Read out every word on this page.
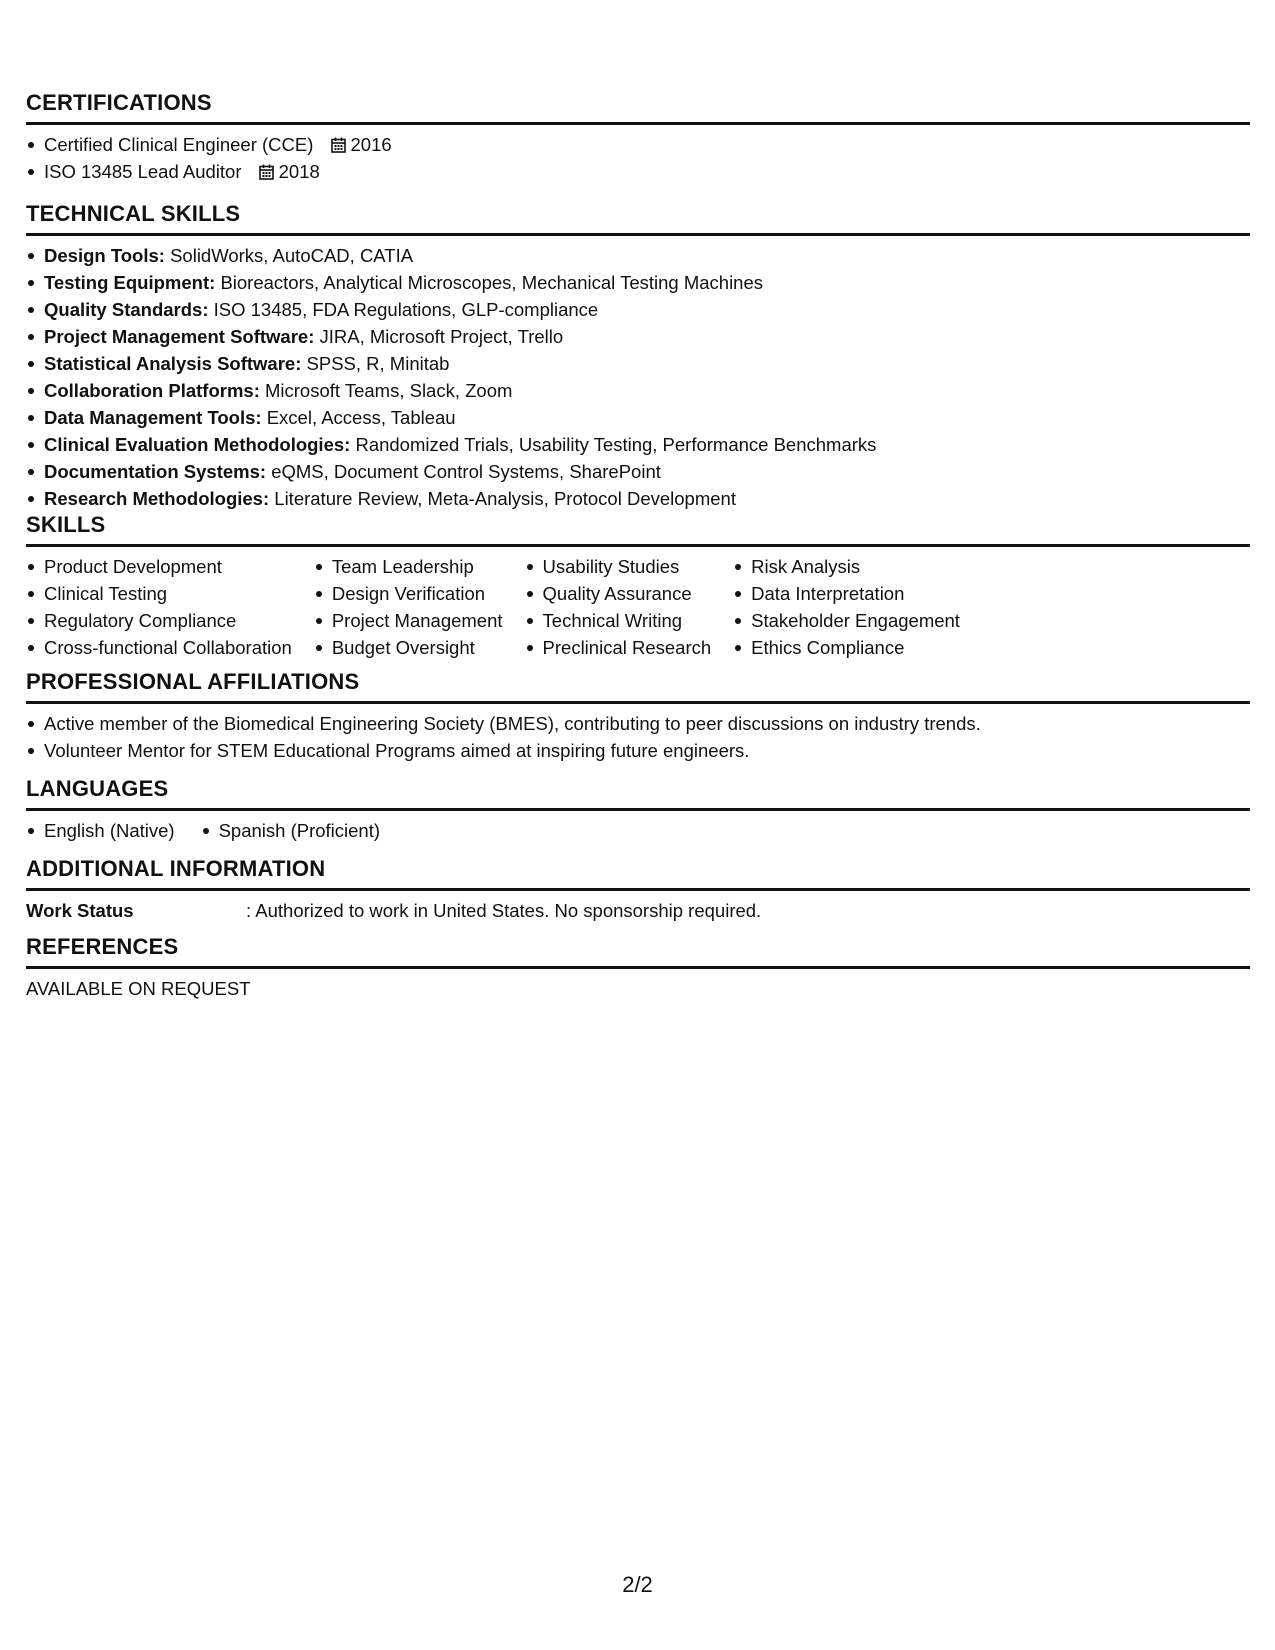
CERTIFICATIONS
Certified Clinical Engineer (CCE) 2016
ISO 13485 Lead Auditor 2018
TECHNICAL SKILLS
Design Tools: SolidWorks, AutoCAD, CATIA
Testing Equipment: Bioreactors, Analytical Microscopes, Mechanical Testing Machines
Quality Standards: ISO 13485, FDA Regulations, GLP-compliance
Project Management Software: JIRA, Microsoft Project, Trello
Statistical Analysis Software: SPSS, R, Minitab
Collaboration Platforms: Microsoft Teams, Slack, Zoom
Data Management Tools: Excel, Access, Tableau
Clinical Evaluation Methodologies: Randomized Trials, Usability Testing, Performance Benchmarks
Documentation Systems: eQMS, Document Control Systems, SharePoint
Research Methodologies: Literature Review, Meta-Analysis, Protocol Development
SKILLS
Product Development
Clinical Testing
Regulatory Compliance
Cross-functional Collaboration
Team Leadership
Design Verification
Project Management
Budget Oversight
Usability Studies
Quality Assurance
Technical Writing
Preclinical Research
Risk Analysis
Data Interpretation
Stakeholder Engagement
Ethics Compliance
PROFESSIONAL AFFILIATIONS
Active member of the Biomedical Engineering Society (BMES), contributing to peer discussions on industry trends.
Volunteer Mentor for STEM Educational Programs aimed at inspiring future engineers.
LANGUAGES
English (Native)	Spanish (Proficient)
ADDITIONAL INFORMATION
Work Status	: Authorized to work in United States. No sponsorship required.
REFERENCES
AVAILABLE ON REQUEST
2/2
